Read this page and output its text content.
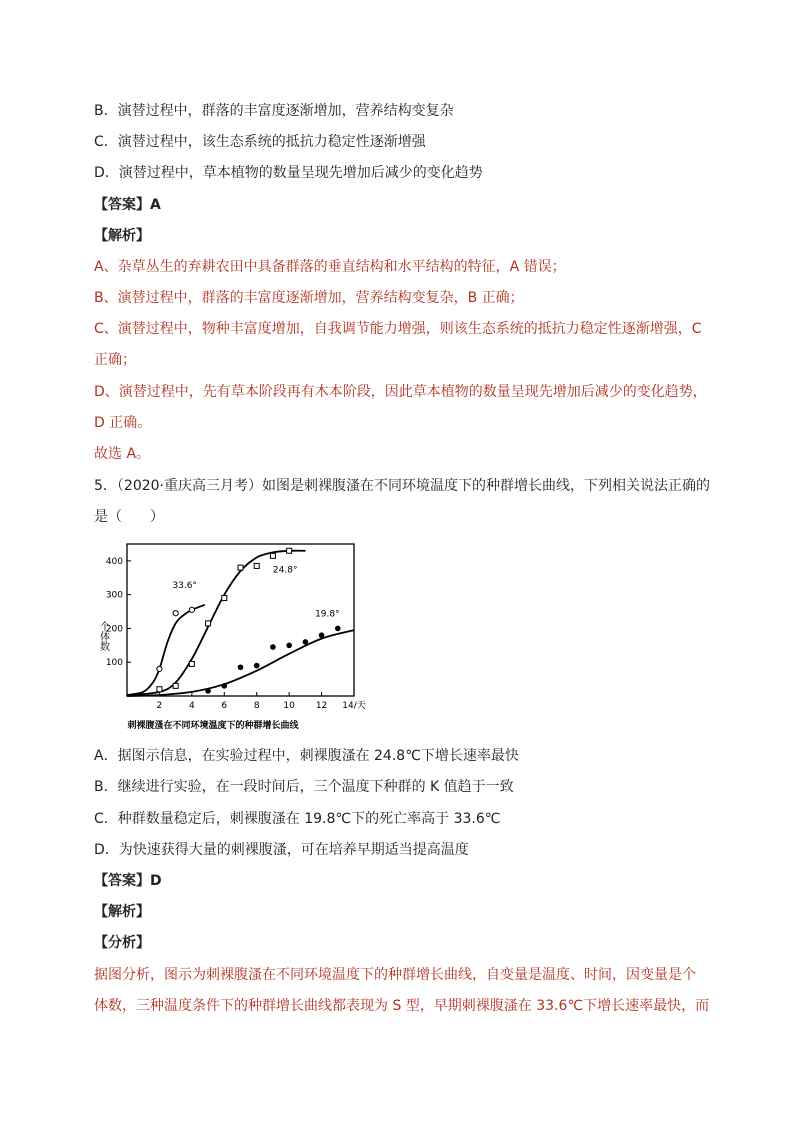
B．演替过程中，群落的丰富度逐渐增加，营养结构变复杂
C．演替过程中，该生态系统的抵抗力稳定性逐渐增强
D．演替过程中，草本植物的数量呈现先增加后减少的变化趋势
【答案】A
【解析】
A、杂草丛生的弃耕农田中具备群落的垂直结构和水平结构的特征，A 错误；
B、演替过程中，群落的丰富度逐渐增加，营养结构变复杂，B 正确；
C、演替过程中，物种丰富度增加，自我调节能力增强，则该生态系统的抵抗力稳定性逐渐增强，C
正确；
D、演替过程中，先有草本阶段再有木本阶段，因此草本植物的数量呈现先增加后减少的变化趋势，
D 正确。
故选 A。
5．（2020·重庆高三月考）如图是刺裸腹溞在不同环境温度下的种群增长曲线，下列相关说法正确的
是（　　）
2	4	6	8	10 12 14/天
100
200
300
400
33.6°
24.8°
19.8°
个体数
刺裸腹溞在不同环境温度下的种群增长曲线
A．据图示信息，在实验过程中，刺裸腹溞在 24.8℃下增长速率最快
B．继续进行实验，在一段时间后，三个温度下种群的 K 值趋于一致
C．种群数量稳定后，刺裸腹溞在 19.8℃下的死亡率高于 33.6℃
D．为快速获得大量的刺裸腹溞，可在培养早期适当提高温度
【答案】D
【解析】
【分析】
据图分析，图示为刺裸腹溞在不同环境温度下的种群增长曲线，自变量是温度、时间，因变量是个
体数，三种温度条件下的种群增长曲线都表现为 S 型，早期刺裸腹溞在 33.6℃下增长速率最快，而
